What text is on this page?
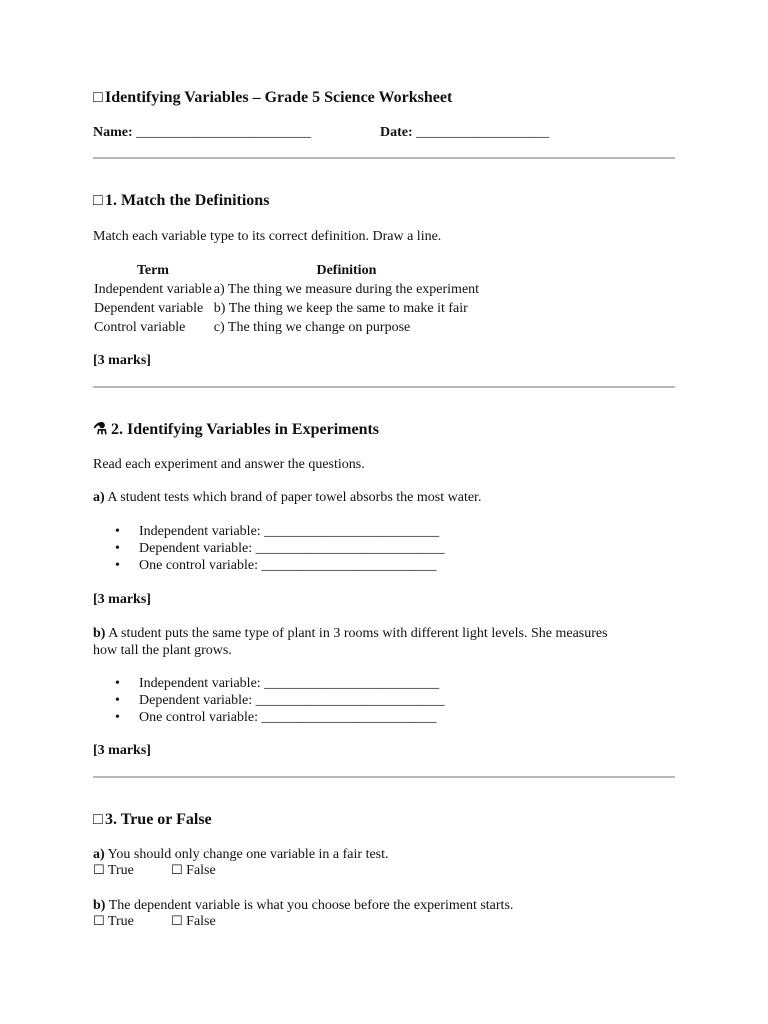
□ Identifying Variables – Grade 5 Science Worksheet
Name: _________________________	Date: ___________________
□ 1. Match the Definitions
Match each variable type to its correct definition. Draw a line.
Term	Definition
Independent variable	a) The thing we measure during the experiment
Dependent variable	b) The thing we keep the same to make it fair
Control variable	c) The thing we change on purpose
[3 marks]
⚗ 2. Identifying Variables in Experiments
Read each experiment and answer the questions.
a) A student tests which brand of paper towel absorbs the most water.
• Independent variable: _________________________
• Dependent variable: ___________________________
• One control variable: _________________________
[3 marks]
b) A student puts the same type of plant in 3 rooms with different light levels. She measures
how tall the plant grows.
• Independent variable: _________________________
• Dependent variable: ___________________________
• One control variable: _________________________
[3 marks]
□ 3. True or False
a) You should only change one variable in a fair test.
☐ True	☐ False
b) The dependent variable is what you choose before the experiment starts.
☐ True	☐ False
